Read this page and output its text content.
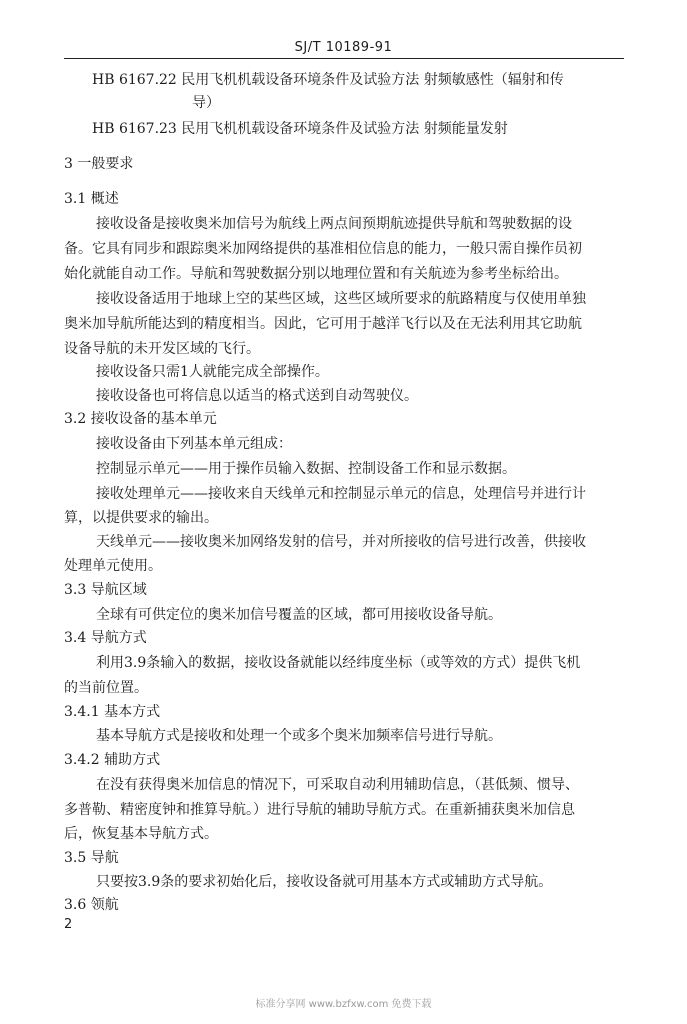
SJ/T 10189-91
HB 6167.22 民用飞机机载设备环境条件及试验方法 射频敏感性（辐射和传
导）
HB 6167.23 民用飞机机载设备环境条件及试验方法 射频能量发射
3 一般要求
3.1 概述
接收设备是接收奥米加信号为航线上两点间预期航迹提供导航和驾驶数据的设
备。它具有同步和跟踪奥米加网络提供的基准相位信息的能力，一般只需自操作员初
始化就能自动工作。导航和驾驶数据分别以地理位置和有关航迹为参考坐标给出。
接收设备适用于地球上空的某些区域，这些区域所要求的航路精度与仅使用单独
奥米加导航所能达到的精度相当。因此，它可用于越洋飞行以及在无法利用其它助航
设备导航的未开发区域的飞行。
接收设备只需1人就能完成全部操作。
接收设备也可将信息以适当的格式送到自动驾驶仪。
3.2 接收设备的基本单元
接收设备由下列基本单元组成：
控制显示单元——用于操作员输入数据、控制设备工作和显示数据。
接收处理单元——接收来自天线单元和控制显示单元的信息，处理信号并进行计
算，以提供要求的输出。
天线单元——接收奥米加网络发射的信号，并对所接收的信号进行改善，供接收
处理单元使用。
3.3 导航区域
全球有可供定位的奥米加信号覆盖的区域，都可用接收设备导航。
3.4 导航方式
利用3.9条输入的数据，接收设备就能以经纬度坐标（或等效的方式）提供飞机
的当前位置。
3.4.1 基本方式
基本导航方式是接收和处理一个或多个奥米加频率信号进行导航。
3.4.2 辅助方式
在没有获得奥米加信息的情况下，可采取自动利用辅助信息，（甚低频、惯导、
多普勒、精密度钟和推算导航。）进行导航的辅助导航方式。在重新捕获奥米加信息
后，恢复基本导航方式。
3.5 导航
只要按3.9条的要求初始化后，接收设备就可用基本方式或辅助方式导航。
3.6 领航
2
标准分享网 www.bzfxw.com 免费下载
